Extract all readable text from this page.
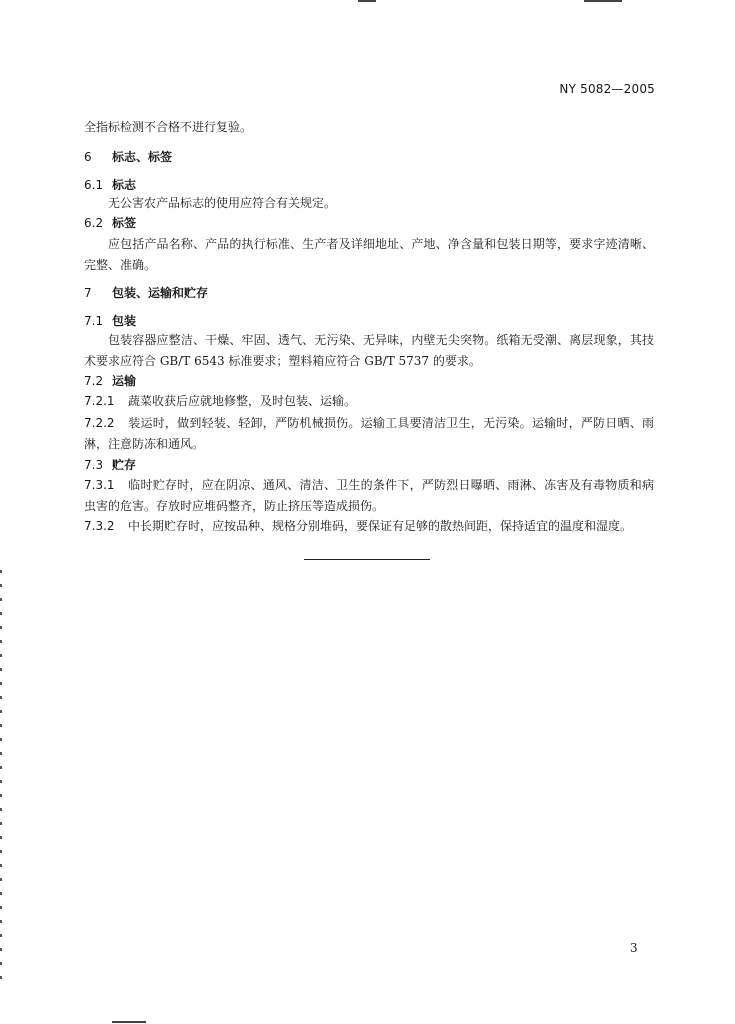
NY 5082—2005
全指标检测不合格不进行复验。
6 标志、标签
6.1 标志
无公害农产品标志的使用应符合有关规定。
6.2 标签
应包括产品名称、产品的执行标准、生产者及详细地址、产地、净含量和包装日期等，要求字迹清晰、完整、准确。
7 包装、运输和贮存
7.1 包装
包装容器应整洁、干燥、牢固、透气、无污染、无异味，内壁无尖突物。纸箱无受潮、离层现象，其技术要求应符合 GB/T 6543 标准要求；塑料箱应符合 GB/T 5737 的要求。
7.2 运输
7.2.1 蔬菜收获后应就地修整，及时包装、运输。
7.2.2 装运时，做到轻装、轻卸，严防机械损伤。运输工具要清洁卫生，无污染。运输时，严防日晒、雨淋，注意防冻和通风。
7.3 贮存
7.3.1 临时贮存时，应在阴凉、通风、清洁、卫生的条件下，严防烈日曝晒、雨淋、冻害及有毒物质和病虫害的危害。存放时应堆码整齐，防止挤压等造成损伤。
7.3.2 中长期贮存时，应按品种、规格分别堆码，要保证有足够的散热间距，保持适宜的温度和湿度。
3
